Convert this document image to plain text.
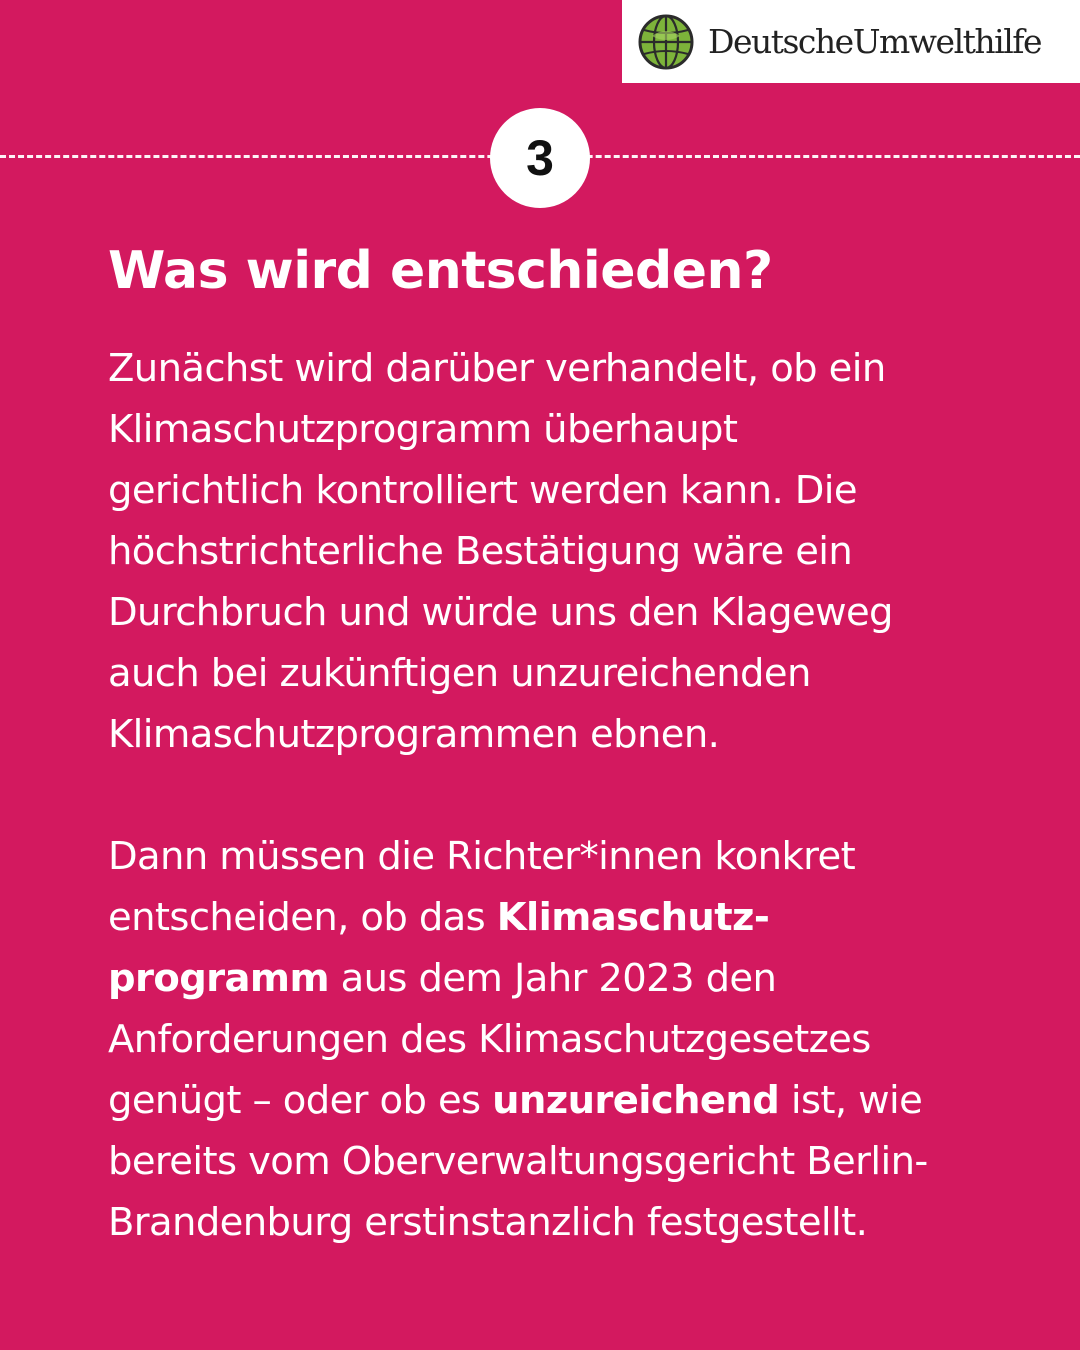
DeutscheUmwelthilfe
3
Was wird entschieden?

Zunächst wird darüber verhandelt, ob ein
Klimaschutzprogramm überhaupt
gerichtlich kontrolliert werden kann. Die
höchstrichterliche Bestätigung wäre ein
Durchbruch und würde uns den Klageweg
auch bei zukünftigen unzureichenden
Klimaschutzprogrammen ebnen.

Dann müssen die Richter*innen konkret
entscheiden, ob das Klimaschutz-
programm aus dem Jahr 2023 den
Anforderungen des Klimaschutzgesetzes
genügt – oder ob es unzureichend ist, wie
bereits vom Oberverwaltungsgericht Berlin-
Brandenburg erstinstanzlich festgestellt.
